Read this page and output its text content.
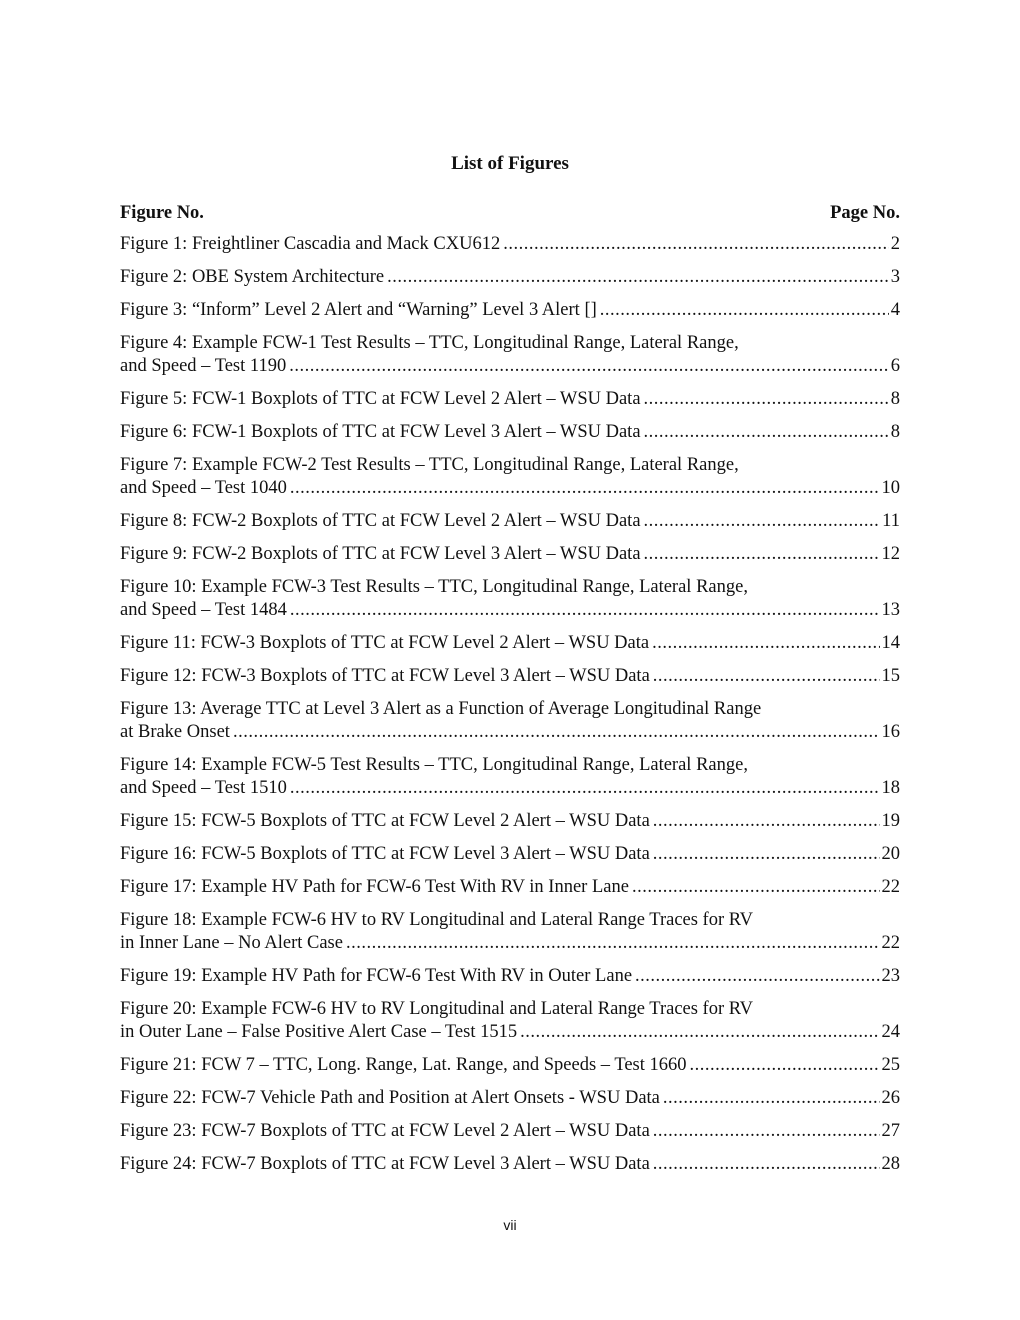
List of Figures
Figure No.	Page No.
Figure 1: Freightliner Cascadia and Mack CXU612 .....	2
Figure 2: OBE System Architecture .....	3
Figure 3: “Inform” Level 2 Alert and “Warning” Level 3 Alert [] .....	4
Figure 4: Example FCW-1 Test Results – TTC, Longitudinal Range, Lateral Range,
and Speed – Test 1190 .....	6
Figure 5: FCW-1 Boxplots of TTC at FCW Level 2 Alert – WSU Data .....	8
Figure 6: FCW-1 Boxplots of TTC at FCW Level 3 Alert – WSU Data .....	8
Figure 7: Example FCW-2 Test Results – TTC, Longitudinal Range, Lateral Range,
and Speed – Test 1040 .....	10
Figure 8: FCW-2 Boxplots of TTC at FCW Level 2 Alert – WSU Data .....	11
Figure 9: FCW-2 Boxplots of TTC at FCW Level 3 Alert – WSU Data .....	12
Figure 10: Example FCW-3 Test Results – TTC, Longitudinal Range, Lateral Range,
and Speed – Test 1484 .....	13
Figure 11: FCW-3 Boxplots of TTC at FCW Level 2 Alert – WSU Data .....	14
Figure 12: FCW-3 Boxplots of TTC at FCW Level 3 Alert – WSU Data .....	15
Figure 13: Average TTC at Level 3 Alert as a Function of Average Longitudinal Range
at Brake Onset .....	16
Figure 14: Example FCW-5 Test Results – TTC, Longitudinal Range, Lateral Range,
and Speed – Test 1510 .....	18
Figure 15: FCW-5 Boxplots of TTC at FCW Level 2 Alert – WSU Data .....	19
Figure 16: FCW-5 Boxplots of TTC at FCW Level 3 Alert – WSU Data .....	20
Figure 17: Example HV Path for FCW-6 Test With RV in Inner Lane .....	22
Figure 18: Example FCW-6 HV to RV Longitudinal and Lateral Range Traces for RV
in Inner Lane – No Alert Case .....	22
Figure 19: Example HV Path for FCW-6 Test With RV in Outer Lane .....	23
Figure 20: Example FCW-6 HV to RV Longitudinal and Lateral Range Traces for RV
in Outer Lane – False Positive Alert Case – Test 1515 .....	24
Figure 21: FCW 7 – TTC, Long. Range, Lat. Range, and Speeds – Test 1660 .....	25
Figure 22: FCW-7 Vehicle Path and Position at Alert Onsets - WSU Data .....	26
Figure 23: FCW-7 Boxplots of TTC at FCW Level 2 Alert – WSU Data .....	27
Figure 24: FCW-7 Boxplots of TTC at FCW Level 3 Alert – WSU Data .....	28
vii
